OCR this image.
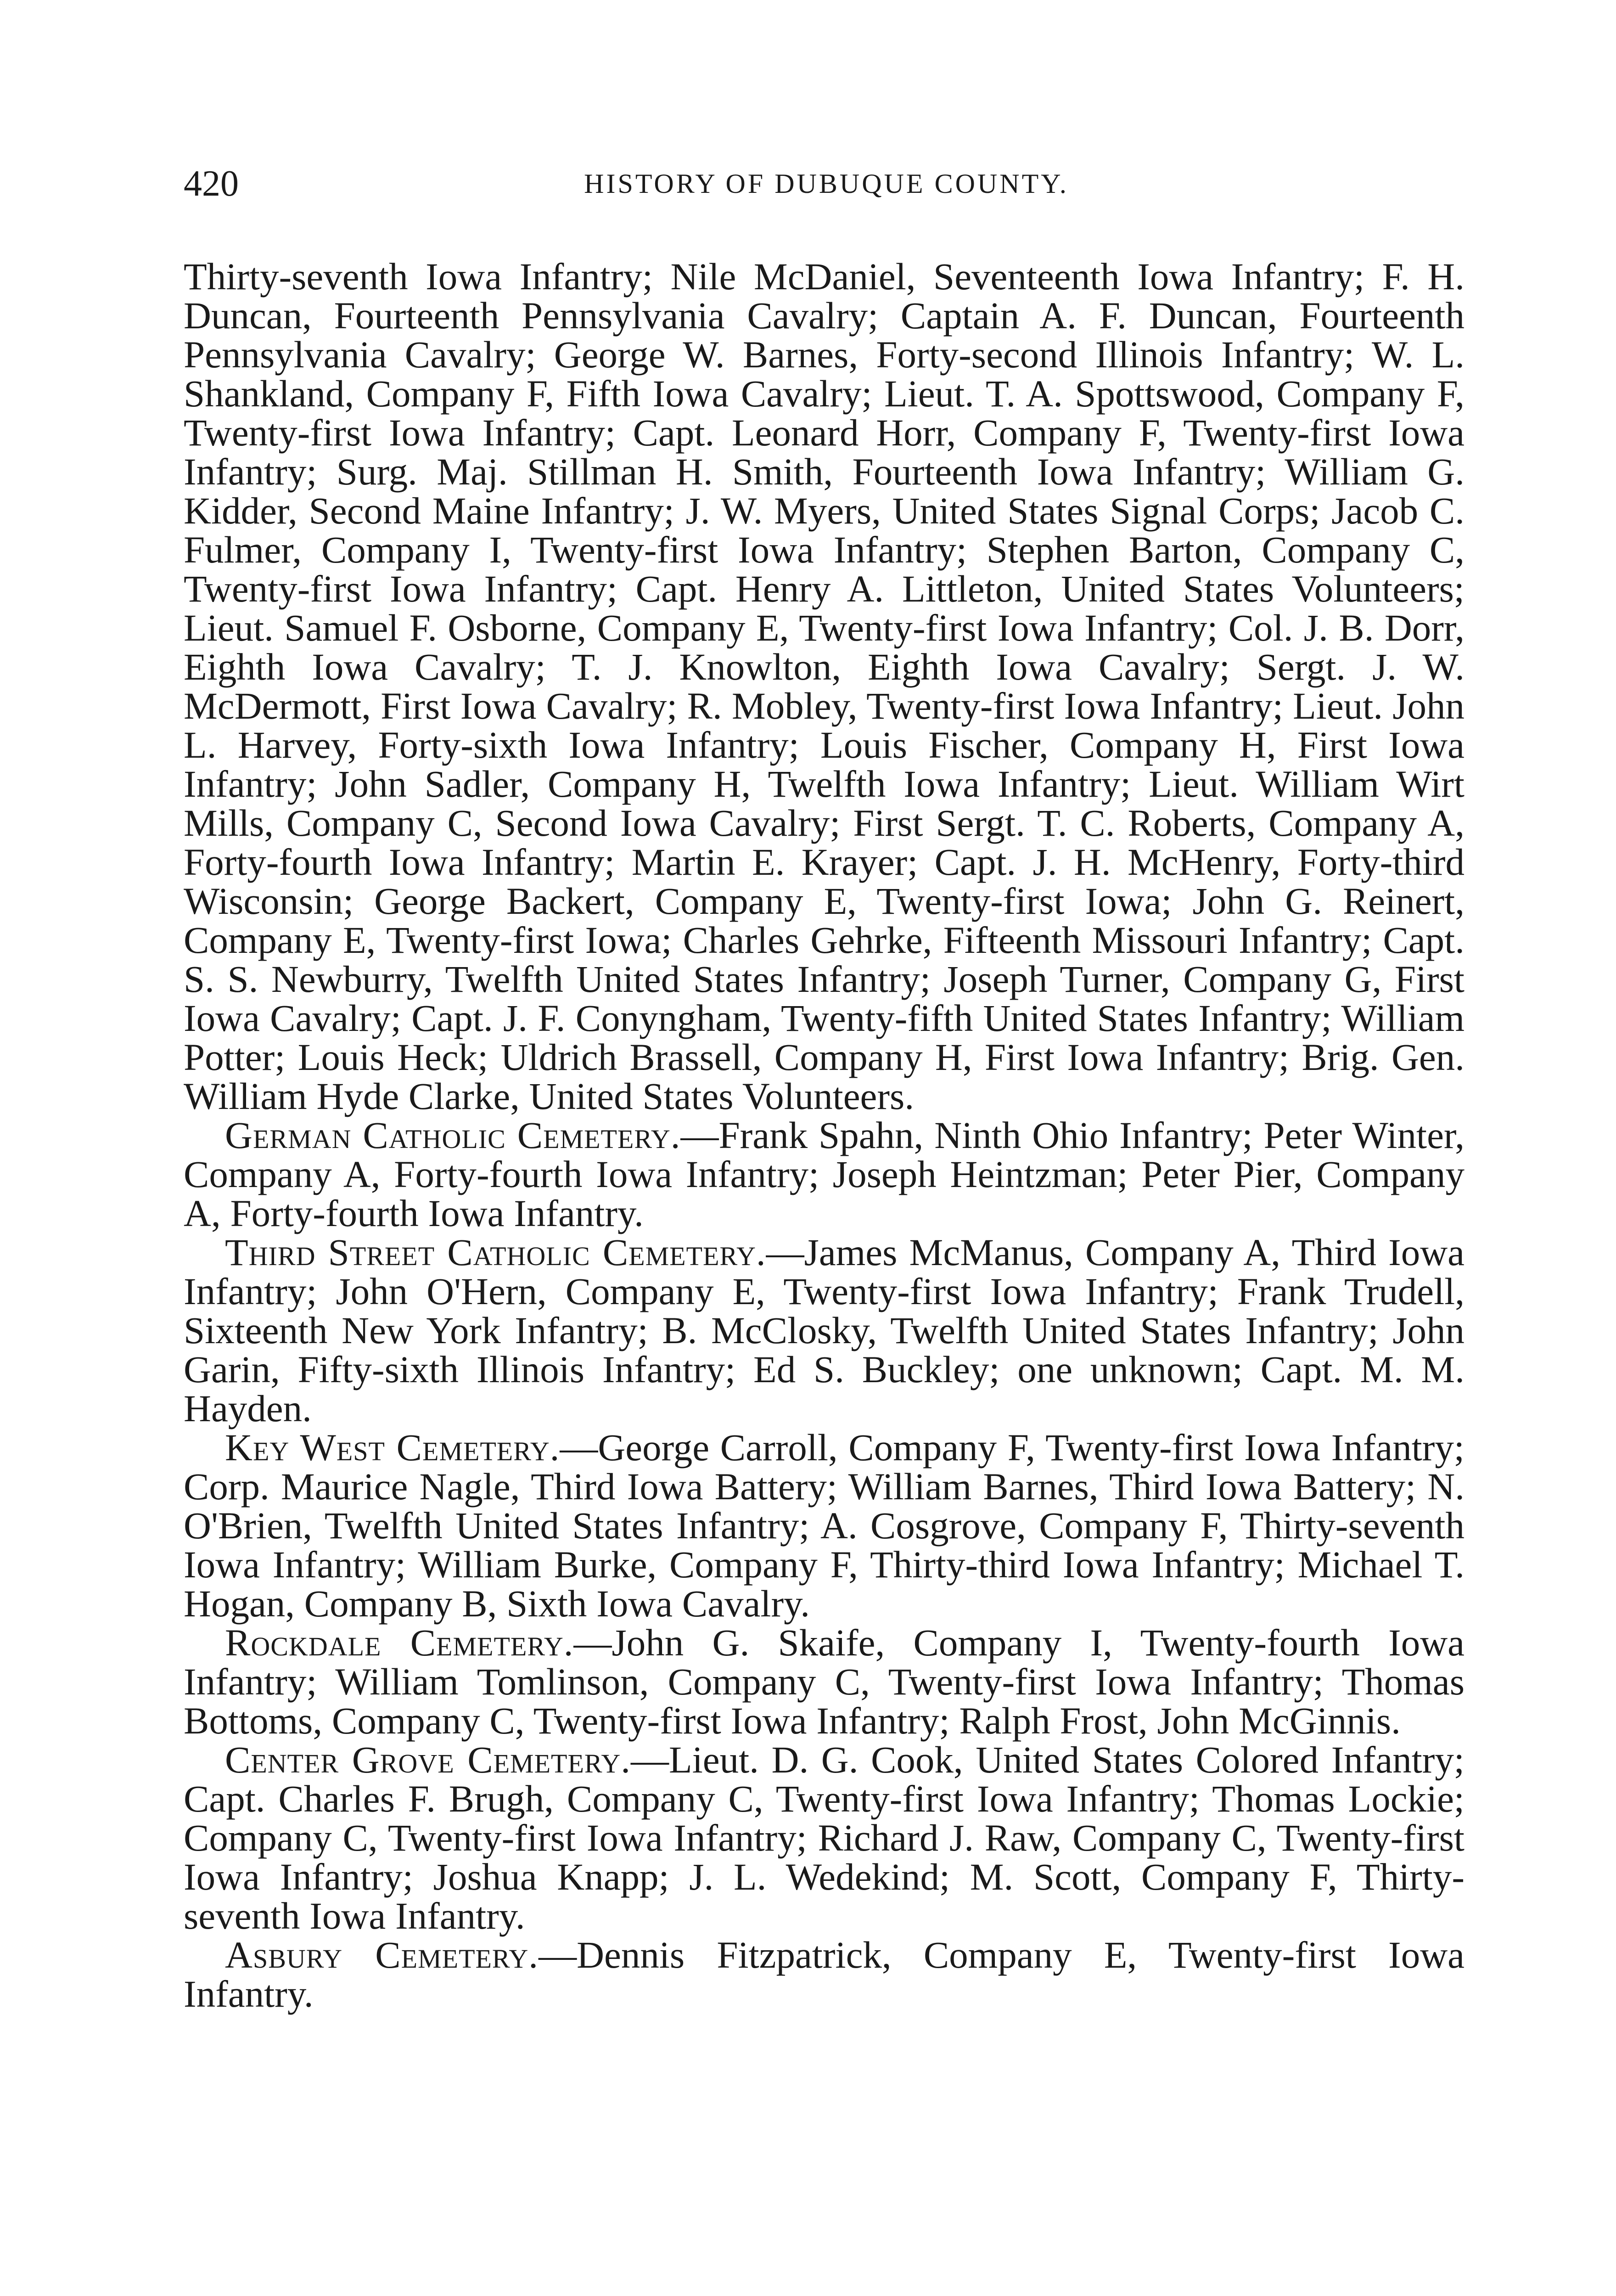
420	HISTORY OF DUBUQUE COUNTY.

Thirty-seventh Iowa Infantry; Nile McDaniel, Seventeenth Iowa Infantry; F. H. Duncan, Fourteenth Pennsylvania Cavalry; Captain A. F. Duncan, Fourteenth Pennsylvania Cavalry; George W. Barnes, Forty-second Illinois Infantry; W. L. Shankland, Company F, Fifth Iowa Cavalry; Lieut. T. A. Spottswood, Company F, Twenty-first Iowa Infantry; Capt. Leonard Horr, Company F, Twenty-first Iowa Infantry; Surg. Maj. Stillman H. Smith, Fourteenth Iowa Infantry; William G. Kidder, Second Maine Infantry; J. W. Myers, United States Signal Corps; Jacob C. Fulmer, Company I, Twenty-first Iowa Infantry; Stephen Barton, Company C, Twenty-first Iowa Infantry; Capt. Henry A. Littleton, United States Volunteers; Lieut. Samuel F. Osborne, Company E, Twenty-first Iowa Infantry; Col. J. B. Dorr, Eighth Iowa Cavalry; T. J. Knowlton, Eighth Iowa Cavalry; Sergt. J. W. McDermott, First Iowa Cavalry; R. Mobley, Twenty-first Iowa Infantry; Lieut. John L. Harvey, Forty-sixth Iowa Infantry; Louis Fischer, Company H, First Iowa Infantry; John Sadler, Company H, Twelfth Iowa Infantry; Lieut. William Wirt Mills, Company C, Second Iowa Cavalry; First Sergt. T. C. Roberts, Company A, Forty-fourth Iowa Infantry; Martin E. Krayer; Capt. J. H. McHenry, Forty-third Wisconsin; George Backert, Company E, Twenty-first Iowa; John G. Reinert, Company E, Twenty-first Iowa; Charles Gehrke, Fifteenth Missouri Infantry; Capt. S. S. Newburry, Twelfth United States Infantry; Joseph Turner, Company G, First Iowa Cavalry; Capt. J. F. Conyngham, Twenty-fifth United States Infantry; William Potter; Louis Heck; Uldrich Brassell, Company H, First Iowa Infantry; Brig. Gen. William Hyde Clarke, United States Volunteers.

German Catholic Cemetery.—Frank Spahn, Ninth Ohio Infantry; Peter Winter, Company A, Forty-fourth Iowa Infantry; Joseph Heintzman; Peter Pier, Company A, Forty-fourth Iowa Infantry.

Third Street Catholic Cemetery.—James McManus, Company A, Third Iowa Infantry; John O'Hern, Company E, Twenty-first Iowa Infantry; Frank Trudell, Sixteenth New York Infantry; B. McClosky, Twelfth United States Infantry; John Garin, Fifty-sixth Illinois Infantry; Ed S. Buckley; one unknown; Capt. M. M. Hayden.

Key West Cemetery.—George Carroll, Company F, Twenty-first Iowa Infantry; Corp. Maurice Nagle, Third Iowa Battery; William Barnes, Third Iowa Battery; N. O'Brien, Twelfth United States Infantry; A. Cosgrove, Company F, Thirty-seventh Iowa Infantry; William Burke, Company F, Thirty-third Iowa Infantry; Michael T. Hogan, Company B, Sixth Iowa Cavalry.

Rockdale Cemetery.—John G. Skaife, Company I, Twenty-fourth Iowa Infantry; William Tomlinson, Company C, Twenty-first Iowa Infantry; Thomas Bottoms, Company C, Twenty-first Iowa Infantry; Ralph Frost, John McGinnis.

Center Grove Cemetery.—Lieut. D. G. Cook, United States Colored Infantry; Capt. Charles F. Brugh, Company C, Twenty-first Iowa Infantry; Thomas Lockie; Company C, Twenty-first Iowa Infantry; Richard J. Raw, Company C, Twenty-first Iowa Infantry; Joshua Knapp; J. L. Wedekind; M. Scott, Company F, Thirty-seventh Iowa Infantry.

Asbury Cemetery.—Dennis Fitzpatrick, Company E, Twenty-first Iowa Infantry.
